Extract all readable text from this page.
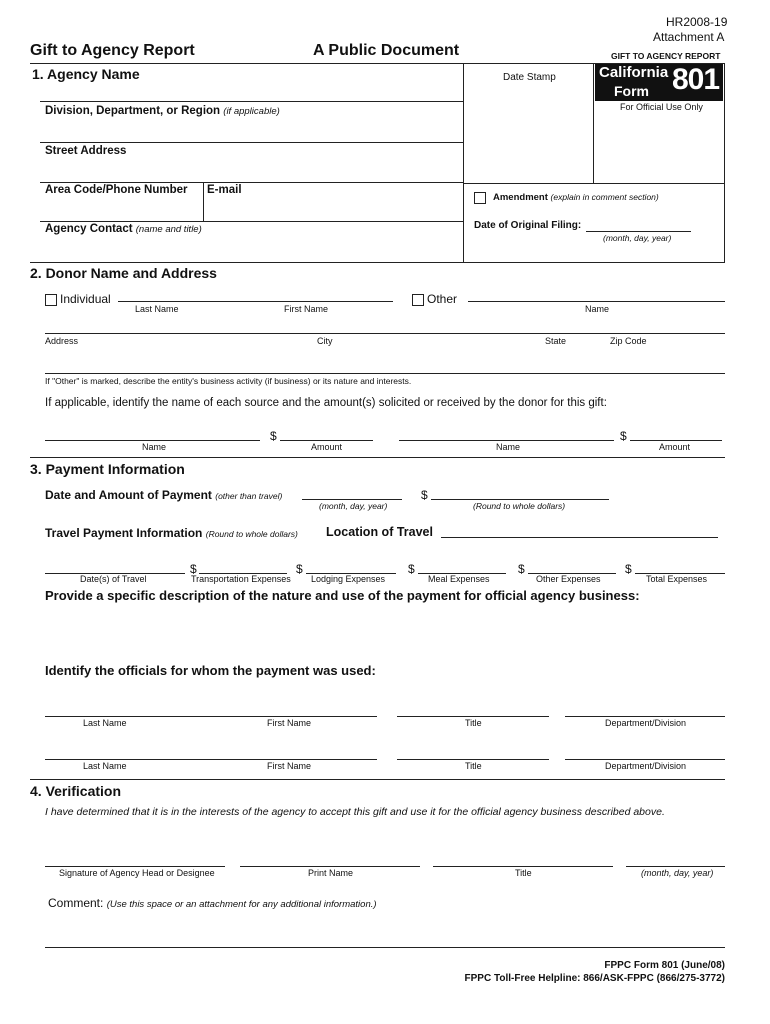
HR2008-19
Attachment A
Gift to Agency Report	A Public Document	GIFT TO AGENCY REPORT
California
Form 801
For Official Use Only
Date Stamp
1. Agency Name
Division, Department, or Region (if applicable)
Street Address
Area Code/Phone Number E-mail
Agency Contact (name and title)
Amendment (explain in comment section)
Date of Original Filing:
(month, day, year)
2. Donor Name and Address
Individual
Last Name	First Name
Other
Name
Address	City	State	Zip Code
If "Other" is marked, describe the entity's business activity (if business) or its nature and interests.
If applicable, identify the name of each source and the amount(s) solicited or received by the donor for this gift:
$
Name	Amount
$
Name	Amount
3. Payment Information
Date and Amount of Payment (other than travel)
(month, day, year)
$
(Round to whole dollars)
Travel Payment Information (Round to whole dollars) Location of Travel
$	$	$	$	$
Date(s) of Travel	Transportation Expenses Lodging Expenses	Meal Expenses	Other Expenses	Total Expenses
Provide a specific description of the nature and use of the payment for official agency business:
Identify the officials for whom the payment was used:
Last Name	First Name	Title	Department/Division
Last Name	First Name	Title	Department/Division
4. Verification
I have determined that it is in the interests of the agency to accept this gift and use it for the official agency business described above.
Signature of Agency Head or Designee	Print Name	Title	(month, day, year)
Comment: (Use this space or an attachment for any additional information.)
FPPC Form 801 (June/08)
FPPC Toll-Free Helpline: 866/ASK-FPPC (866/275-3772)
